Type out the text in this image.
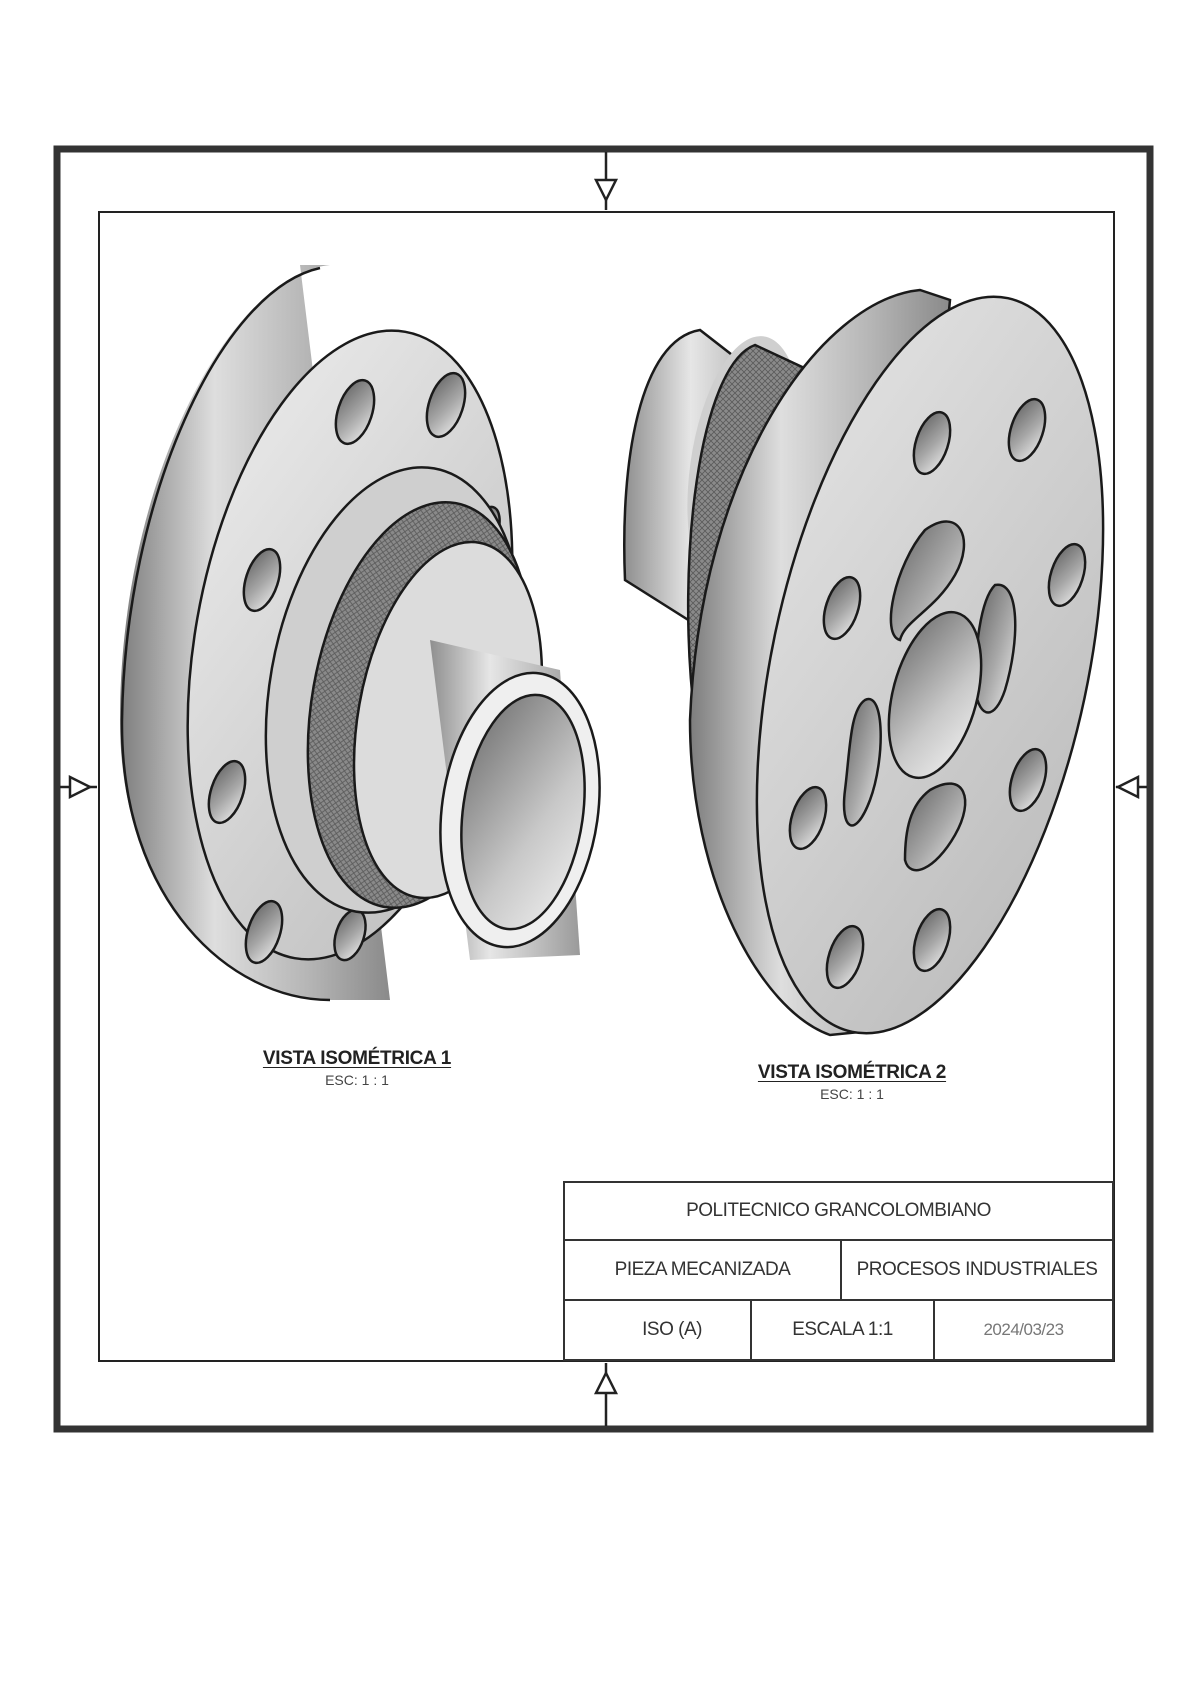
VISTA ISOMÉTRICA 1
ESC: 1 : 1	VISTA ISOMÉTRICA 2
ESC: 1 : 1
POLITECNICO GRANCOLOMBIANO
PIEZA MECANIZADA	PROCESOS INDUSTRIALES
ISO (A)	ESCALA 1:1	2024/03/23
